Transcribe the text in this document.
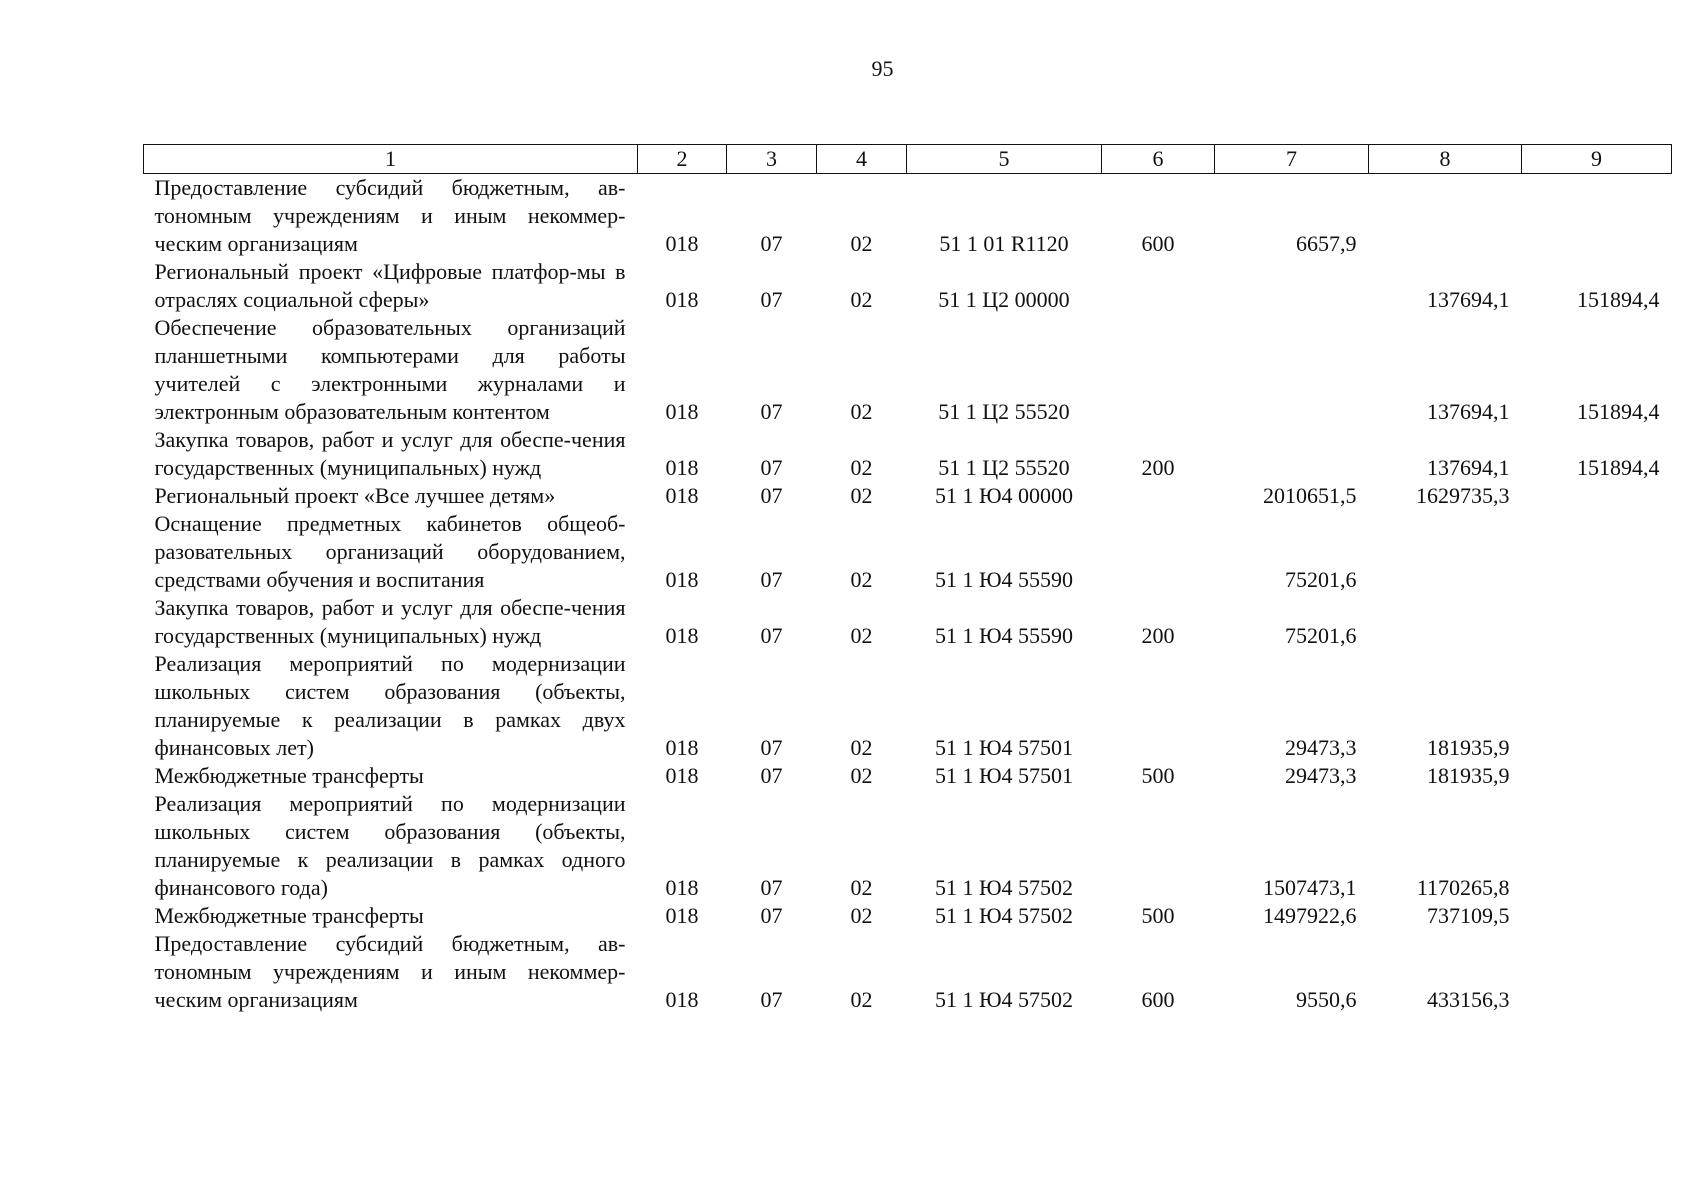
95
1	2	3	4	5	6	7	8	9
Предоставление субсидий бюджетным, ав-тономным учреждениям и иным некоммер-ческим организациям	018	07	02	51 1 01 R1120	600	6657,9		
Региональный проект «Цифровые платфор-мы в отраслях социальной сферы»	018	07	02	51 1 Ц2 00000			137694,1	151894,4
Обеспечение образовательных организаций планшетными компьютерами для работы учителей с электронными журналами и электронным образовательным контентом	018	07	02	51 1 Ц2 55520			137694,1	151894,4
Закупка товаров, работ и услуг для обеспе-чения государственных (муниципальных) нужд	018	07	02	51 1 Ц2 55520	200		137694,1	151894,4
Региональный проект «Все лучшее детям»	018	07	02	51 1 Ю4 00000		2010651,5	1629735,3	
Оснащение предметных кабинетов общеоб-разовательных организаций оборудованием, средствами обучения и воспитания	018	07	02	51 1 Ю4 55590		75201,6		
Закупка товаров, работ и услуг для обеспе-чения государственных (муниципальных) нужд	018	07	02	51 1 Ю4 55590	200	75201,6		
Реализация мероприятий по модернизации школьных систем образования (объекты, планируемые к реализации в рамках двух финансовых лет)	018	07	02	51 1 Ю4 57501		29473,3	181935,9	
Межбюджетные трансферты	018	07	02	51 1 Ю4 57501	500	29473,3	181935,9	
Реализация мероприятий по модернизации школьных систем образования (объекты, планируемые к реализации в рамках одного финансового года)	018	07	02	51 1 Ю4 57502		1507473,1	1170265,8	
Межбюджетные трансферты	018	07	02	51 1 Ю4 57502	500	1497922,6	737109,5	
Предоставление субсидий бюджетным, ав-тономным учреждениям и иным некоммер-ческим организациям	018	07	02	51 1 Ю4 57502	600	9550,6	433156,3	
